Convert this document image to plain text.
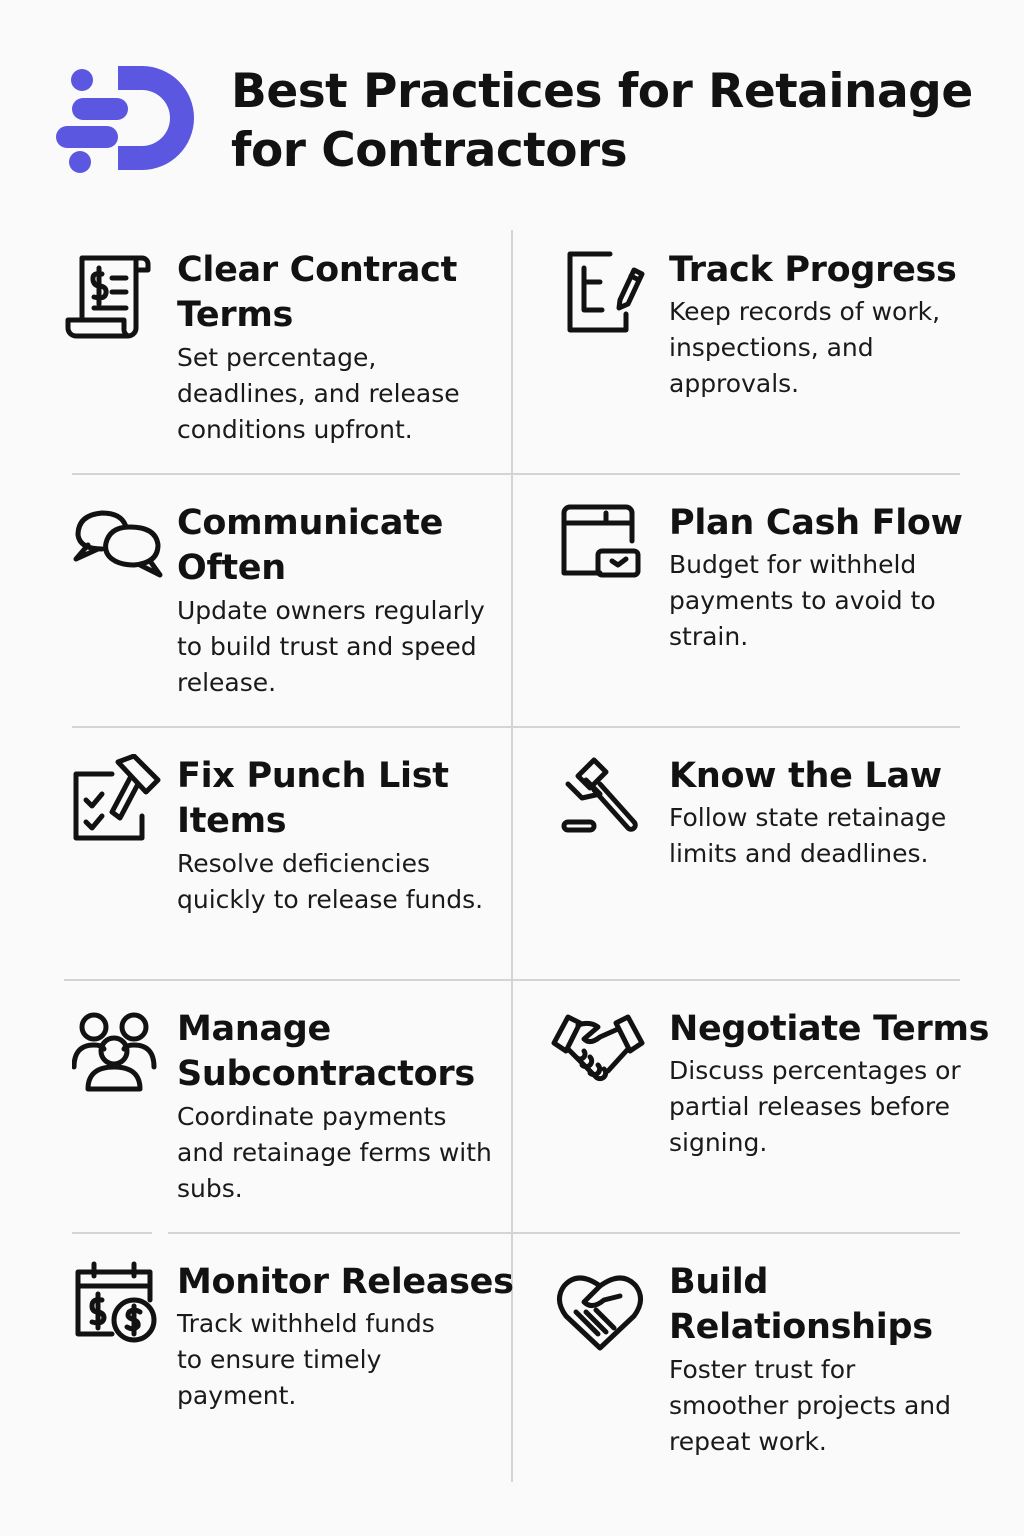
Best Practices for Retainage for Contractors
Clear Contract Terms
Set percentage, deadlines, and release conditions upfront.
Track Progress
Keep records of work, inspections, and approvals.
Communicate Often
Update owners regularly to build trust and speed release.
Plan Cash Flow
Budget for withheld payments to avoid to strain.
Fix Punch List Items
Resolve deficiencies quickly to release funds.
Know the Law
Follow state retainage limits and deadlines.
Manage Subcontractors
Coordinate payments and retainage ferms with subs.
Negotiate Terms
Discuss percentages or partial releases before signing.
Monitor Releases
Track withheld funds to ensure timely payment.
Build Relationships
Foster trust for smoother projects and repeat work.
